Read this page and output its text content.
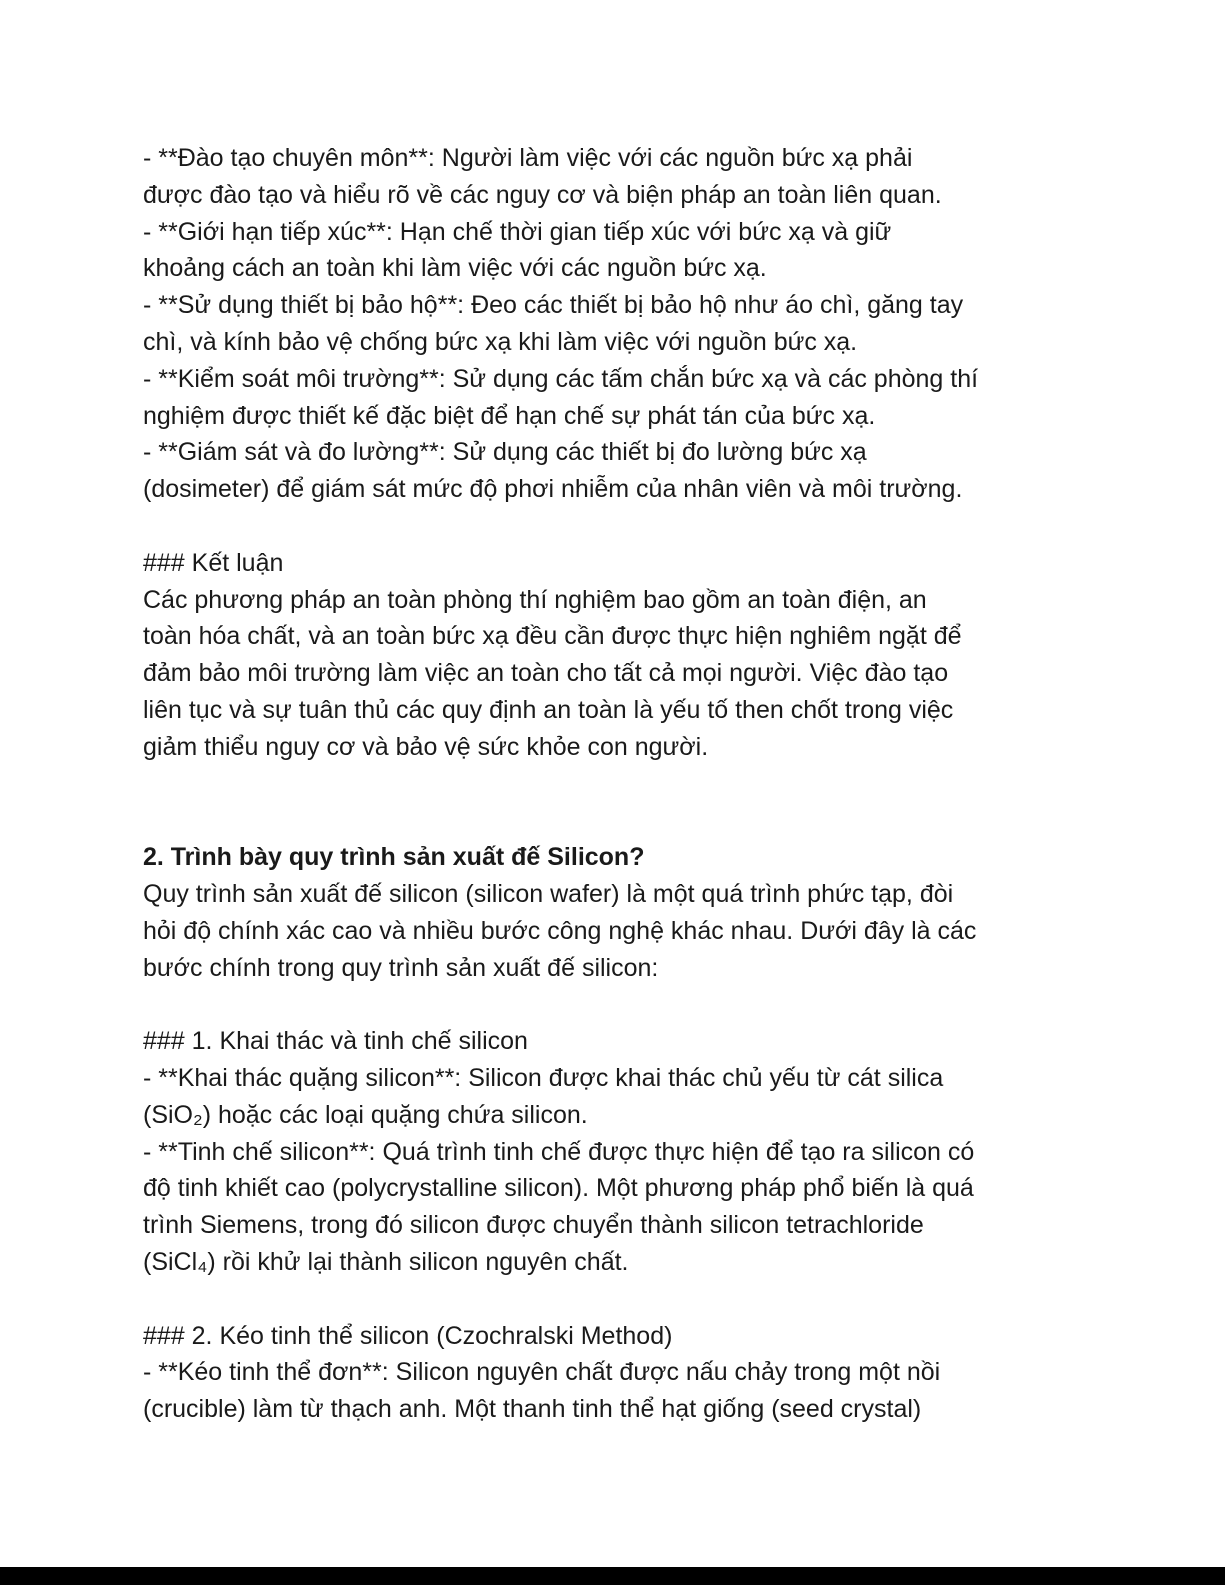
- **Đào tạo chuyên môn**: Người làm việc với các nguồn bức xạ phải
được đào tạo và hiểu rõ về các nguy cơ và biện pháp an toàn liên quan.
- **Giới hạn tiếp xúc**: Hạn chế thời gian tiếp xúc với bức xạ và giữ
khoảng cách an toàn khi làm việc với các nguồn bức xạ.
- **Sử dụng thiết bị bảo hộ**: Đeo các thiết bị bảo hộ như áo chì, găng tay
chì, và kính bảo vệ chống bức xạ khi làm việc với nguồn bức xạ.
- **Kiểm soát môi trường**: Sử dụng các tấm chắn bức xạ và các phòng thí
nghiệm được thiết kế đặc biệt để hạn chế sự phát tán của bức xạ.
- **Giám sát và đo lường**: Sử dụng các thiết bị đo lường bức xạ
(dosimeter) để giám sát mức độ phơi nhiễm của nhân viên và môi trường.
### Kết luận
Các phương pháp an toàn phòng thí nghiệm bao gồm an toàn điện, an
toàn hóa chất, và an toàn bức xạ đều cần được thực hiện nghiêm ngặt để
đảm bảo môi trường làm việc an toàn cho tất cả mọi người. Việc đào tạo
liên tục và sự tuân thủ các quy định an toàn là yếu tố then chốt trong việc
giảm thiểu nguy cơ và bảo vệ sức khỏe con người.
2. Trình bày quy trình sản xuất đế Silicon?
Quy trình sản xuất đế silicon (silicon wafer) là một quá trình phức tạp, đòi
hỏi độ chính xác cao và nhiều bước công nghệ khác nhau. Dưới đây là các
bước chính trong quy trình sản xuất đế silicon:
### 1. Khai thác và tinh chế silicon
- **Khai thác quặng silicon**: Silicon được khai thác chủ yếu từ cát silica
(SiO₂) hoặc các loại quặng chứa silicon.
- **Tinh chế silicon**: Quá trình tinh chế được thực hiện để tạo ra silicon có
độ tinh khiết cao (polycrystalline silicon). Một phương pháp phổ biến là quá
trình Siemens, trong đó silicon được chuyển thành silicon tetrachloride
(SiCl₄) rồi khử lại thành silicon nguyên chất.
### 2. Kéo tinh thể silicon (Czochralski Method)
- **Kéo tinh thể đơn**: Silicon nguyên chất được nấu chảy trong một nồi
(crucible) làm từ thạch anh. Một thanh tinh thể hạt giống (seed crystal)
